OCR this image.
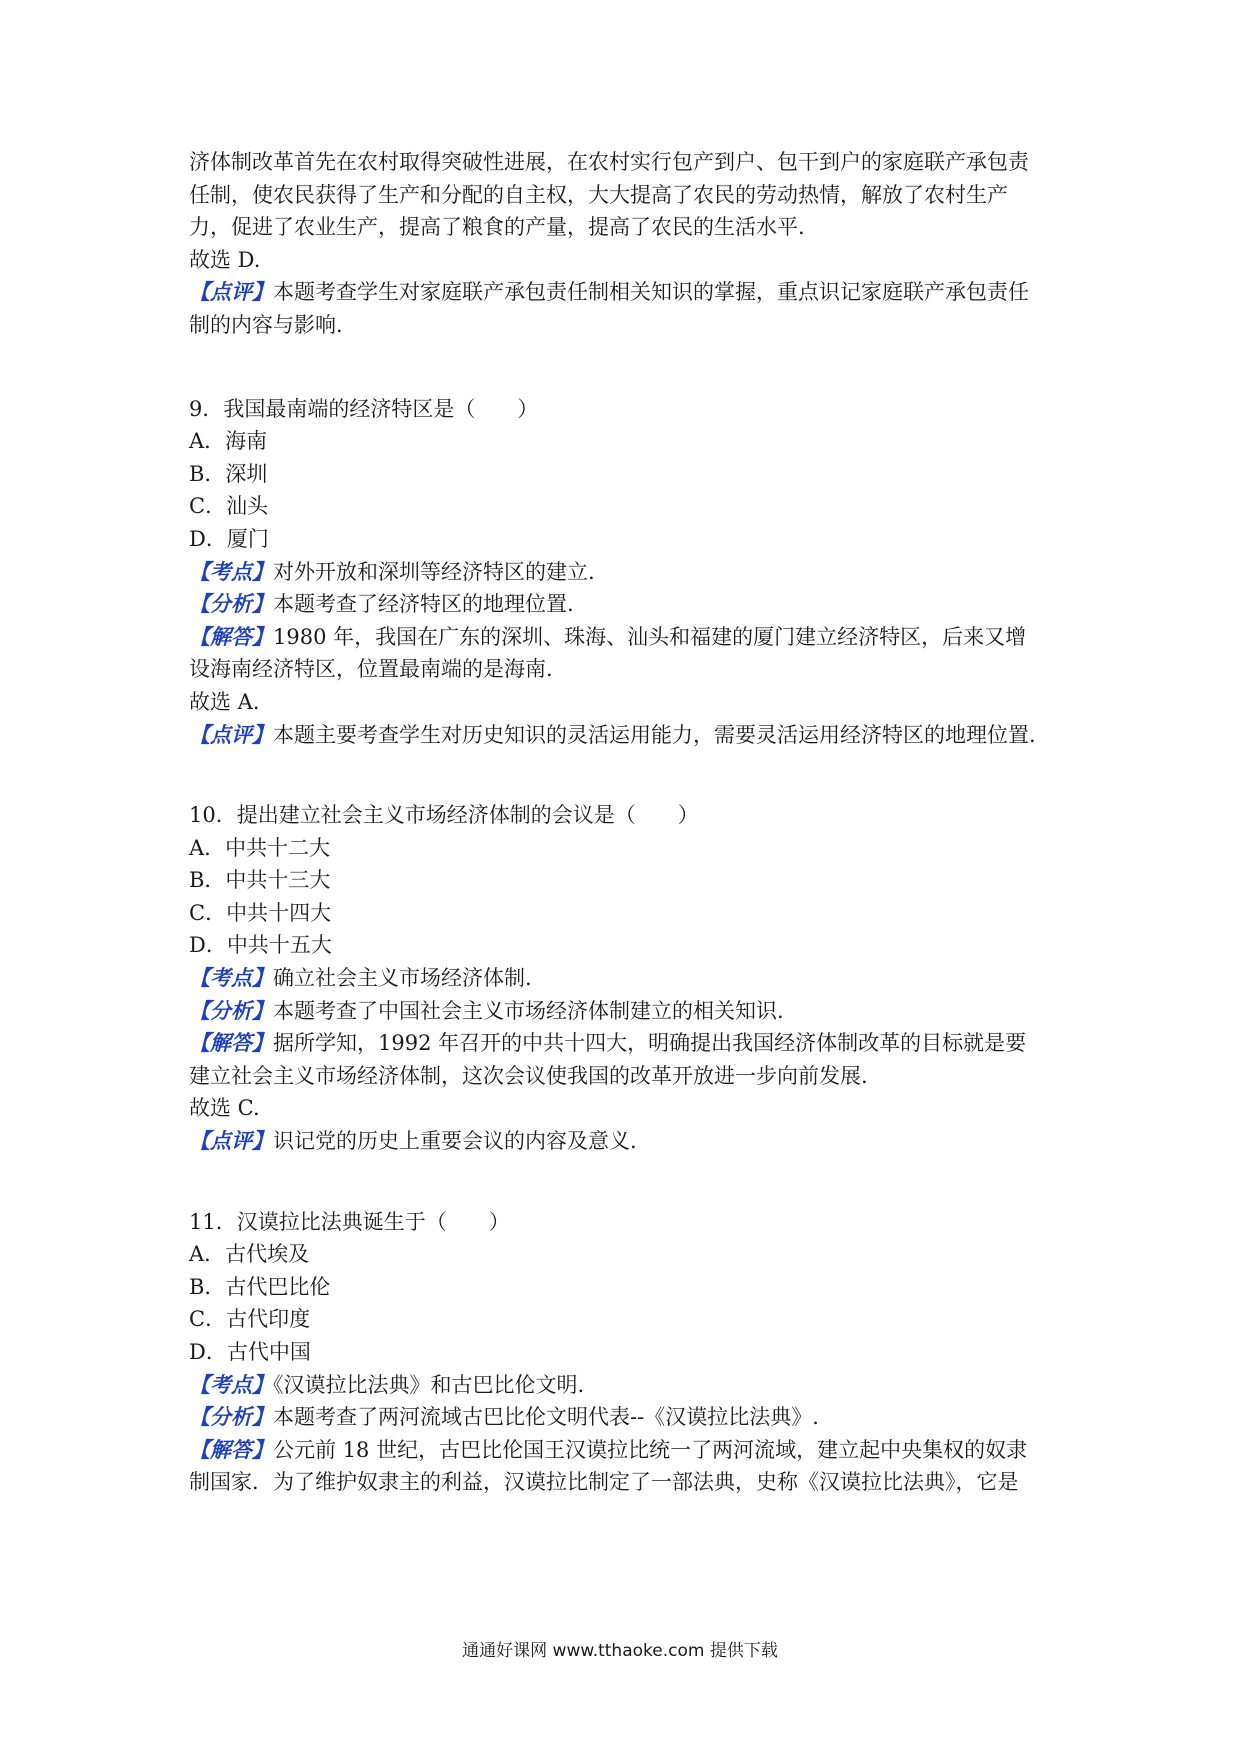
济体制改革首先在农村取得突破性进展，在农村实行包产到户、包干到户的家庭联产承包责
任制，使农民获得了生产和分配的自主权，大大提高了农民的劳动热情，解放了农村生产
力，促进了农业生产，提高了粮食的产量，提高了农民的生活水平.
故选 D.
【点评】本题考查学生对家庭联产承包责任制相关知识的掌握，重点识记家庭联产承包责任
制的内容与影响.
9．我国最南端的经济特区是（　　）
A．海南
B．深圳
C．汕头
D．厦门
【考点】对外开放和深圳等经济特区的建立.
【分析】本题考查了经济特区的地理位置.
【解答】1980 年，我国在广东的深圳、珠海、汕头和福建的厦门建立经济特区，后来又增
设海南经济特区，位置最南端的是海南.
故选 A.
【点评】本题主要考查学生对历史知识的灵活运用能力，需要灵活运用经济特区的地理位置.
10．提出建立社会主义市场经济体制的会议是（　　）
A．中共十二大
B．中共十三大
C．中共十四大
D．中共十五大
【考点】确立社会主义市场经济体制.
【分析】本题考查了中国社会主义市场经济体制建立的相关知识.
【解答】据所学知，1992 年召开的中共十四大，明确提出我国经济体制改革的目标就是要
建立社会主义市场经济体制，这次会议使我国的改革开放进一步向前发展.
故选 C.
【点评】识记党的历史上重要会议的内容及意义.
11．汉谟拉比法典诞生于（　　）
A．古代埃及
B．古代巴比伦
C．古代印度
D．古代中国
【考点】《汉谟拉比法典》和古巴比伦文明.
【分析】本题考查了两河流域古巴比伦文明代表--《汉谟拉比法典》.
【解答】公元前 18 世纪，古巴比伦国王汉谟拉比统一了两河流域，建立起中央集权的奴隶
制国家．为了维护奴隶主的利益，汉谟拉比制定了一部法典，史称《汉谟拉比法典》，它是
通通好课网 www.tthaoke.com 提供下载
